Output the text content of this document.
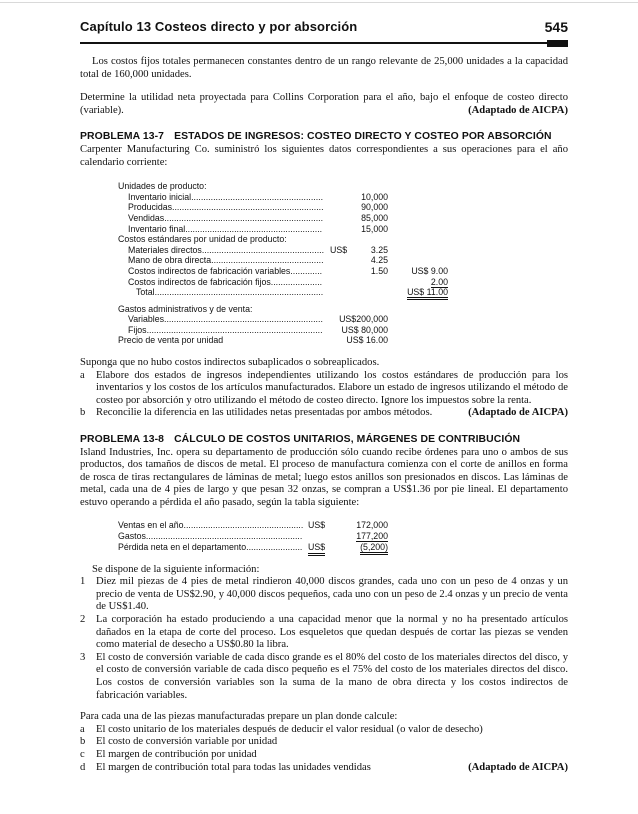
Capítulo 13 Costeos directo y por absorción	545

Los costos fijos totales permanecen constantes dentro de un rango relevante de 25,000 unidades a la capacidad total de 160,000 unidades.

Determine la utilidad neta proyectada para Collins Corporation para el año, bajo el enfoque de costeo directo (variable).	(Adaptado de AICPA)

PROBLEMA 13-7 ESTADOS DE INGRESOS: COSTEO DIRECTO Y COSTEO POR ABSORCIÓN

Carpenter Manufacturing Co. suministró los siguientes datos correspondientes a sus operaciones para el año calendario corriente:

Unidades de producto:
Inventario inicial......................................................	10,000
Producidas..............................................................	90,000
Vendidas.................................................................	85,000
Inventario final........................................................	15,000
Costos estándares por unidad de producto:
Materiales directos.................................................. US$	3.25
Mano de obra directa..............................................	4.25
Costos indirectos de fabricación variables.............	1.50	US$ 9.00
Costos indirectos de fabricación fijos.....................	2.00
Total.....................................................................	US$ 11.00
Gastos administrativos y de venta:
Variables.................................................................	US$200,000
Fijos........................................................................	US$ 80,000
Precio de venta por unidad	US$ 16.00

Suponga que no hubo costos indirectos subaplicados o sobreaplicados.

a Elabore dos estados de ingresos independientes utilizando los costos estándares de producción para los inventarios y los costos de los artículos manufacturados. Elabore un estado de ingresos utilizando el método de costeo por absorción y otro utilizando el método de costeo directo. Ignore los impuestos sobre la renta.
b Reconcilie la diferencia en las utilidades netas presentadas por ambos métodos.	(Adaptado de AICPA)
PROBLEMA 13-8 CÁLCULO DE COSTOS UNITARIOS, MÁRGENES DE CONTRIBUCIÓN

Island Industries, Inc. opera su departamento de producción sólo cuando recibe órdenes para uno o ambos de sus productos, dos tamaños de discos de metal. El proceso de manufactura comienza con el corte de anillos en forma de rosca de tiras rectangulares de láminas de metal; luego estos anillos son presionados en discos. Las láminas de metal, cada una de 4 pies de largo y que pesan 32 onzas, se compran a US$1.36 por pie lineal. El departamento estuvo operando a pérdida el año pasado, según la tabla siguiente:

Ventas en el año................................................. US$	172,000
Gastos................................................................	177,200
Pérdida neta en el departamento....................... US$	(5,200)

Se dispone de la siguiente información:

1 Diez mil piezas de 4 pies de metal rindieron 40,000 discos grandes, cada uno con un peso de 4 onzas y un precio de venta de US$2.90, y 40,000 discos pequeños, cada uno con un peso de 2.4 onzas y un precio de venta de US$1.40.
2 La corporación ha estado produciendo a una capacidad menor que la normal y no ha presentado artículos dañados en la etapa de corte del proceso. Los esqueletos que quedan después de cortar las piezas se venden como material de desecho a US$0.80 la libra.
3 El costo de conversión variable de cada disco grande es el 80% del costo de los materiales directos del disco, y el costo de conversión variable de cada disco pequeño es el 75% del costo de los materiales directos del disco. Los costos de conversión variables son la suma de la mano de obra directa y los costos indirectos de fabricación variables.

Para cada una de las piezas manufacturadas prepare un plan donde calcule:

a El costo unitario de los materiales después de deducir el valor residual (o valor de desecho)
b El costo de conversión variable por unidad
c El margen de contribución por unidad
d El margen de contribución total para todas las unidades vendidas	(Adaptado de AICPA)
